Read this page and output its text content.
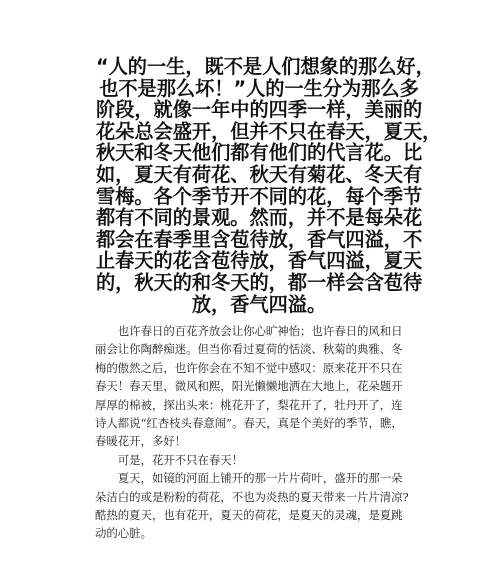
“人的一生，既不是人们想象的那么好，
也不是那么坏！”人的一生分为那么多
阶段，就像一年中的四季一样，美丽的
花朵总会盛开，但并不只在春天，夏天，
秋天和冬天他们都有他们的代言花。比
如，夏天有荷花、秋天有菊花、冬天有
雪梅。各个季节开不同的花，每个季节
都有不同的景观。然而，并不是每朵花
都会在春季里含苞待放，香气四溢，不
止春天的花含苞待放，香气四溢，夏天
的，秋天的和冬天的，都一样会含苞待
放，香气四溢。
　　也许春日的百花齐放会让你心旷神怡；也许春日的风和日
丽会让你陶醉痴迷。但当你看过夏荷的恬淡、秋菊的典雅、冬
梅的傲然之后，也许你会在不知不觉中感叹：原来花开不只在
春天！春天里，微风和熙，阳光懒懒地洒在大地上，花朵题开
厚厚的棉被，探出头来：桃花开了，梨花开了，牡丹开了，连
诗人都说“红杏枝头春意闹”。春天，真是个美好的季节，瞧，
春暖花开，多好！
　　可是，花开不只在春天！
　　夏天，如镜的河面上铺开的那一片片荷叶，盛开的那一朵
朵洁白的或是粉粉的荷花，不也为炎热的夏天带来一片片清凉?
酷热的夏天，也有花开，夏天的荷花，是夏天的灵魂，是夏跳
动的心脏。
